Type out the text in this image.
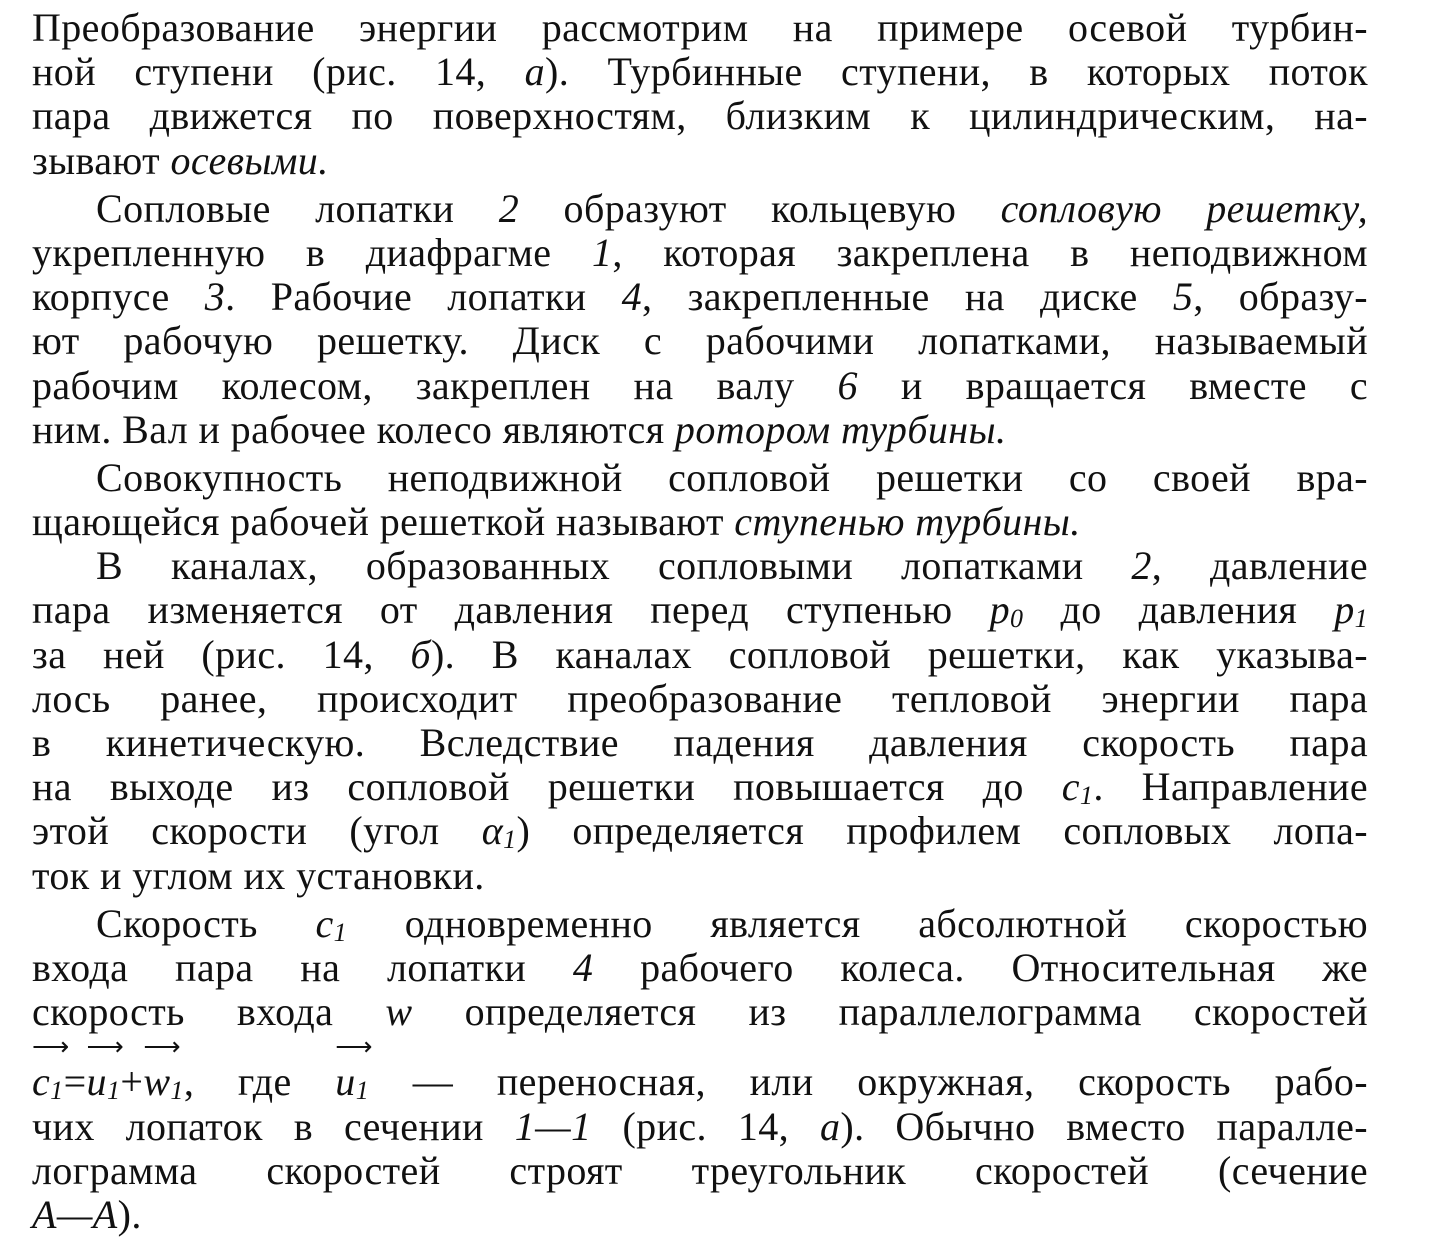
Преобразование энергии рассмотрим на примере осевой турбин-
ной ступени (рис. 14, а). Турбинные ступени, в которых поток
пара движется по поверхностям, близким к цилиндрическим, на-
зывают осевыми.
Сопловые лопатки 2 образуют кольцевую сопловую решетку,
укрепленную в диафрагме 1, которая закреплена в неподвижном
корпусе 3. Рабочие лопатки 4, закрепленные на диске 5, образу-
ют рабочую решетку. Диск с рабочими лопатками, называемый
рабочим колесом, закреплен на валу 6 и вращается вместе с
ним. Вал и рабочее колесо являются ротором турбины.
Совокупность неподвижной сопловой решетки со своей вра-
щающейся рабочей решеткой называют ступенью турбины.
В каналах, образованных сопловыми лопатками 2, давление
пара изменяется от давления перед ступенью $p_0$ до давления $p_1$
за ней (рис. 14, б). В каналах сопловой решетки, как указыва-
лось ранее, происходит преобразование тепловой энергии пара
в кинетическую. Вследствие падения давления скорость пара
на выходе из сопловой решетки повышается до $c_1$. Направление
этой скорости (угол $\alpha_1$) определяется профилем сопловых лопа-
ток и углом их установки.
Скорость $c_1$ одновременно является абсолютной скоростью
входа пара на лопатки 4 рабочего колеса. Относительная же
скорость входа w определяется из параллелограмма скоростей
⟶ $c_1=⟶$ $u_1+⟶$ $w_1$, где ⟶ $u_1$ — переносная, или окружная, скорость рабо-
чих лопаток в сечении 1—1 (рис. 14, а). Обычно вместо паралле-
лограмма скоростей строят треугольник скоростей (сечение
А—А).
